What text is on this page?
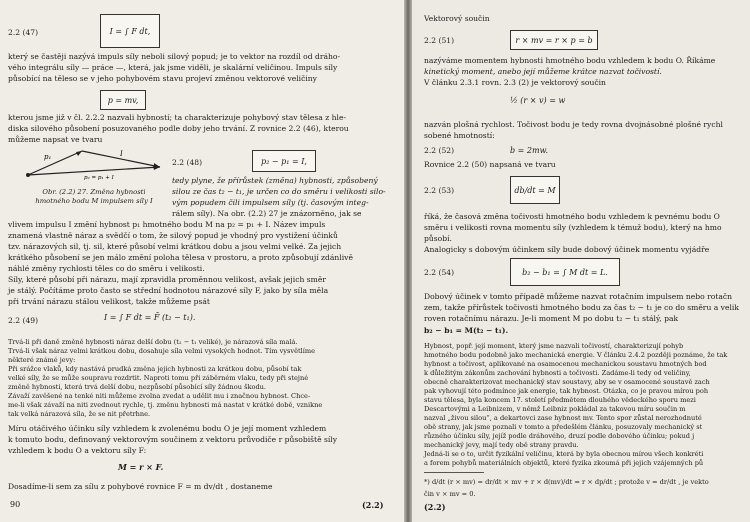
2.2 (47)	I = ∫ F dt,
který se častěji nazývá impuls síly neboli silový popud; je to vektor na rozdíl od dráho-
vého integrálu síly — práce —, která, jak jsme viděli, je skalární veličinou. Impuls síly
působící na těleso se v jeho pohybovém stavu projeví změnou vektorové veličiny
p = mv,
kterou jsme již v čl. 2.2.2 nazvali hybností; ta charakterizuje pohybový stav tělesa z hle-
diska silového působení posuzovaného podle doby jeho trvání. Z rovnice 2.2 (46), kterou
můžeme napsat ve tvaru
p₁	I
p₂ = p₁ + I
Obr. (2.2) 27. Změna hybnosti
hmotného bodu M impulsem síly I
2.2 (48)	p₂ − p₁ = I,
tedy plyne, že přírůstek (změna) hybnosti, způsobený
silou ze čas t₂ − t₁, je určen co do směru i velikosti silo-
vým popudem čili impulsem síly (tj. časovým integ-
rálem síly). Na obr. (2.2) 27 je znázorněno, jak se
vlivem impulsu I změní hybnost p₁ hmotného bodu M na p₂ = p₁ + I. Název impuls
znamená vlastně náraz a svědčí o tom, že silový popud je vhodný pro vystižení účinků
tzv. nárazových sil, tj. sil, které působí velmi krátkou dobu a jsou velmi velké. Za jejich
krátkého působení se jen málo změní poloha tělesa v prostoru, a proto způsobují zdánlivě
náhlé změny rychlosti těles co do směru i velikosti.
Síly, které působí při nárazu, mají zpravidla proměnnou velikost, avšak jejich směr
je stálý. Počítáme proto často se střední hodnotou nárazové síly F, jako by síla měla
při trvání nárazu stálou velikost, takže můžeme psát
2.2 (49)	I = ∫ F dt = F̄ (t₂ − t₁).
Trvá-li při daně změně hybnosti náraz delší dobu (t₂ − t₁ veliké), je nárazová síla malá.
Trvá-li však náraz velmi krátkou dobu, dosahuje síla velmi vysokých hodnot. Tím vysvětlíme
některé známé jevy:
Při srážce vlaků, kdy nastává prudká změna jejich hybnosti za krátkou dobu, působí tak
velké síly, že se může soupravu rozdrtit. Naproti tomu při záběrném vlaku, tedy při stejné
změně hybnosti, která trvá delší dobu, nezpůsobí působící síly žádnou škodu.
Závaží zavěšené na tenké niti můžeme zvolna zvedat a udělit mu i značnou hybnost. Chce-
me-li však závaží na niti zvednout rychle, tj. změnu hybnosti má nastat v krátké době, vznikne
tak velká nárazová síla, že se nit přetrhne.
Míru otáčivého účinku síly vzhledem k zvolenému bodu O je její moment vzhledem
k tomuto bodu, definovaný vektorovým součinem z vektoru průvodiče r působiště síly
vzhledem k bodu O a vektoru síly F:
M = r × F.
Dosadíme-li sem za sílu z pohybové rovnice F = m dv/dt , dostaneme
90	(2.2)
Vektorový součin
2.2 (51)	r × mv = r × p = b
nazýváme momentem hybnosti hmotného bodu vzhledem k bodu O. Říkáme
kinetický moment, anebo její můžeme krátce nazvat točivostí.
V článku 2.3.1 rovn. 2.3 (2) je vektorový součin
½ (r × v) = w
nazván plošná rychlost. Točivost bodu je tedy rovna dvojnásobné plošné rychl
sobené hmotností:
2.2 (52)	b = 2mw.
Rovnice 2.2 (50) napsaná ve tvaru
2.2 (53)	db/dt = M
říká, že časová změna točivosti hmotného bodu vzhledem k pevnému bodu O
směru i velikosti rovna momentu síly (vzhledem k témuž bodu), který na hmo
působí.
Analogicky s dobovým účinkem síly bude dobový účinek momentu vyjádře
2.2 (54)	b₂ − b₁ = ∫ M dt = L.
Dobový účinek v tomto případě můžeme nazvat rotačním impulsem nebo rotačn
zem, takže přírůstek točivosti hmotného bodu za čas t₂ − t₁ je co do směru a velik
roven rotačnímu nárazu. Je-li moment M po dobu t₂ − t₁ stálý, pak
b₂ − b₁ = M(t₂ − t₁).
Hybnost, popř. její moment, který jsme nazvali točivostí, charakterizují pohyb
hmotného bodu podobně jako mechanická energie. V článku 2.4.2 později poznáme, že tak
hybnost a točivost, aplikované na osamocenou mechanickou soustavu hmotných bod
k důležitým zákonům zachování hybnosti a točivosti. Zadáme-li tedy od veličiny,
obecně charakterizovat mechanický stav soustavy, aby se v osamocené soustavě zach
pak vyhovují této podmínce jak energie, tak hybnost. Otázka, co je pravou mírou poh
stavu tělesa, byla koncem 17. století předmětem dlouhého vědeckého sporu mezi
Descartovými a Leibnizem, v němž Leibniz pokládal za takovou míru součin m
nazval „živou silou“, a dekartovci zase hybnost mv. Tento spor zůstal nerozhodnuté
obě strany, jak jsme poznali v tomto a předešlém článku, posuzovaly mechanický st
různého účinku síly, jejíž podle dráhového, druzí podle dobového účinku; pokud j
mechanický jevy, mají tedy obě strany pravdu.
Jedná-li se o to, určit fyzikální veličinu, která by byla obecnou mírou všech konkréti
a forem pohybů materiálních objektů, které fyzika zkoumá při jejich vzájemných pů
*) d/dt (r × mv) = dr/dt × mv + r × d(mv)/dt = r × dp/dt ; protože v = dr/dt , je vekto
čin v × mv = 0.
(2.2)
